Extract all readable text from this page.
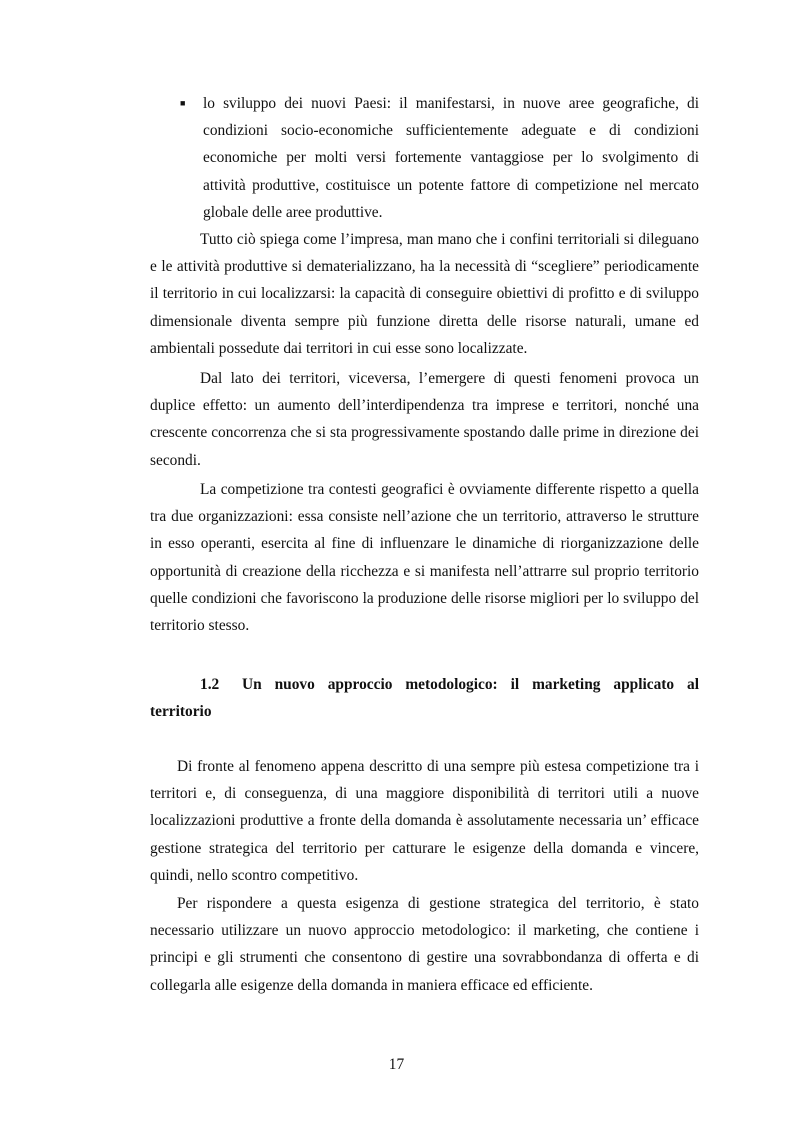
■ lo sviluppo dei nuovi Paesi: il manifestarsi, in nuove aree geografiche, di condizioni socio-economiche sufficientemente adeguate e di condizioni economiche per molti versi fortemente vantaggiose per lo svolgimento di attività produttive, costituisce un potente fattore di competizione nel mercato globale delle aree produttive.

Tutto ciò spiega come l’impresa, man mano che i confini territoriali si dileguano e le attività produttive si dematerializzano, ha la necessità di “scegliere” periodicamente il territorio in cui localizzarsi: la capacità di conseguire obiettivi di profitto e di sviluppo dimensionale diventa sempre più funzione diretta delle risorse naturali, umane ed ambientali possedute dai territori in cui esse sono localizzate.

Dal lato dei territori, viceversa, l’emergere di questi fenomeni provoca un duplice effetto: un aumento dell’interdipendenza tra imprese e territori, nonché una crescente concorrenza che si sta progressivamente spostando dalle prime in direzione dei secondi.

La competizione tra contesti geografici è ovviamente differente rispetto a quella tra due organizzazioni: essa consiste nell’azione che un territorio, attraverso le strutture in esso operanti, esercita al fine di influenzare le dinamiche di riorganizzazione delle opportunità di creazione della ricchezza e si manifesta nell’attrarre sul proprio territorio quelle condizioni che favoriscono la produzione delle risorse migliori per lo sviluppo del territorio stesso.

1.2 Un nuovo approccio metodologico: il marketing applicato al territorio

Di fronte al fenomeno appena descritto di una sempre più estesa competizione tra i territori e, di conseguenza, di una maggiore disponibilità di territori utili a nuove localizzazioni produttive a fronte della domanda è assolutamente necessaria un’ efficace gestione strategica del territorio per catturare le esigenze della domanda e vincere, quindi, nello scontro competitivo.

Per rispondere a questa esigenza di gestione strategica del territorio, è stato necessario utilizzare un nuovo approccio metodologico: il marketing, che contiene i principi e gli strumenti che consentono di gestire una sovrabbondanza di offerta e di collegarla alle esigenze della domanda in maniera efficace ed efficiente.

17
